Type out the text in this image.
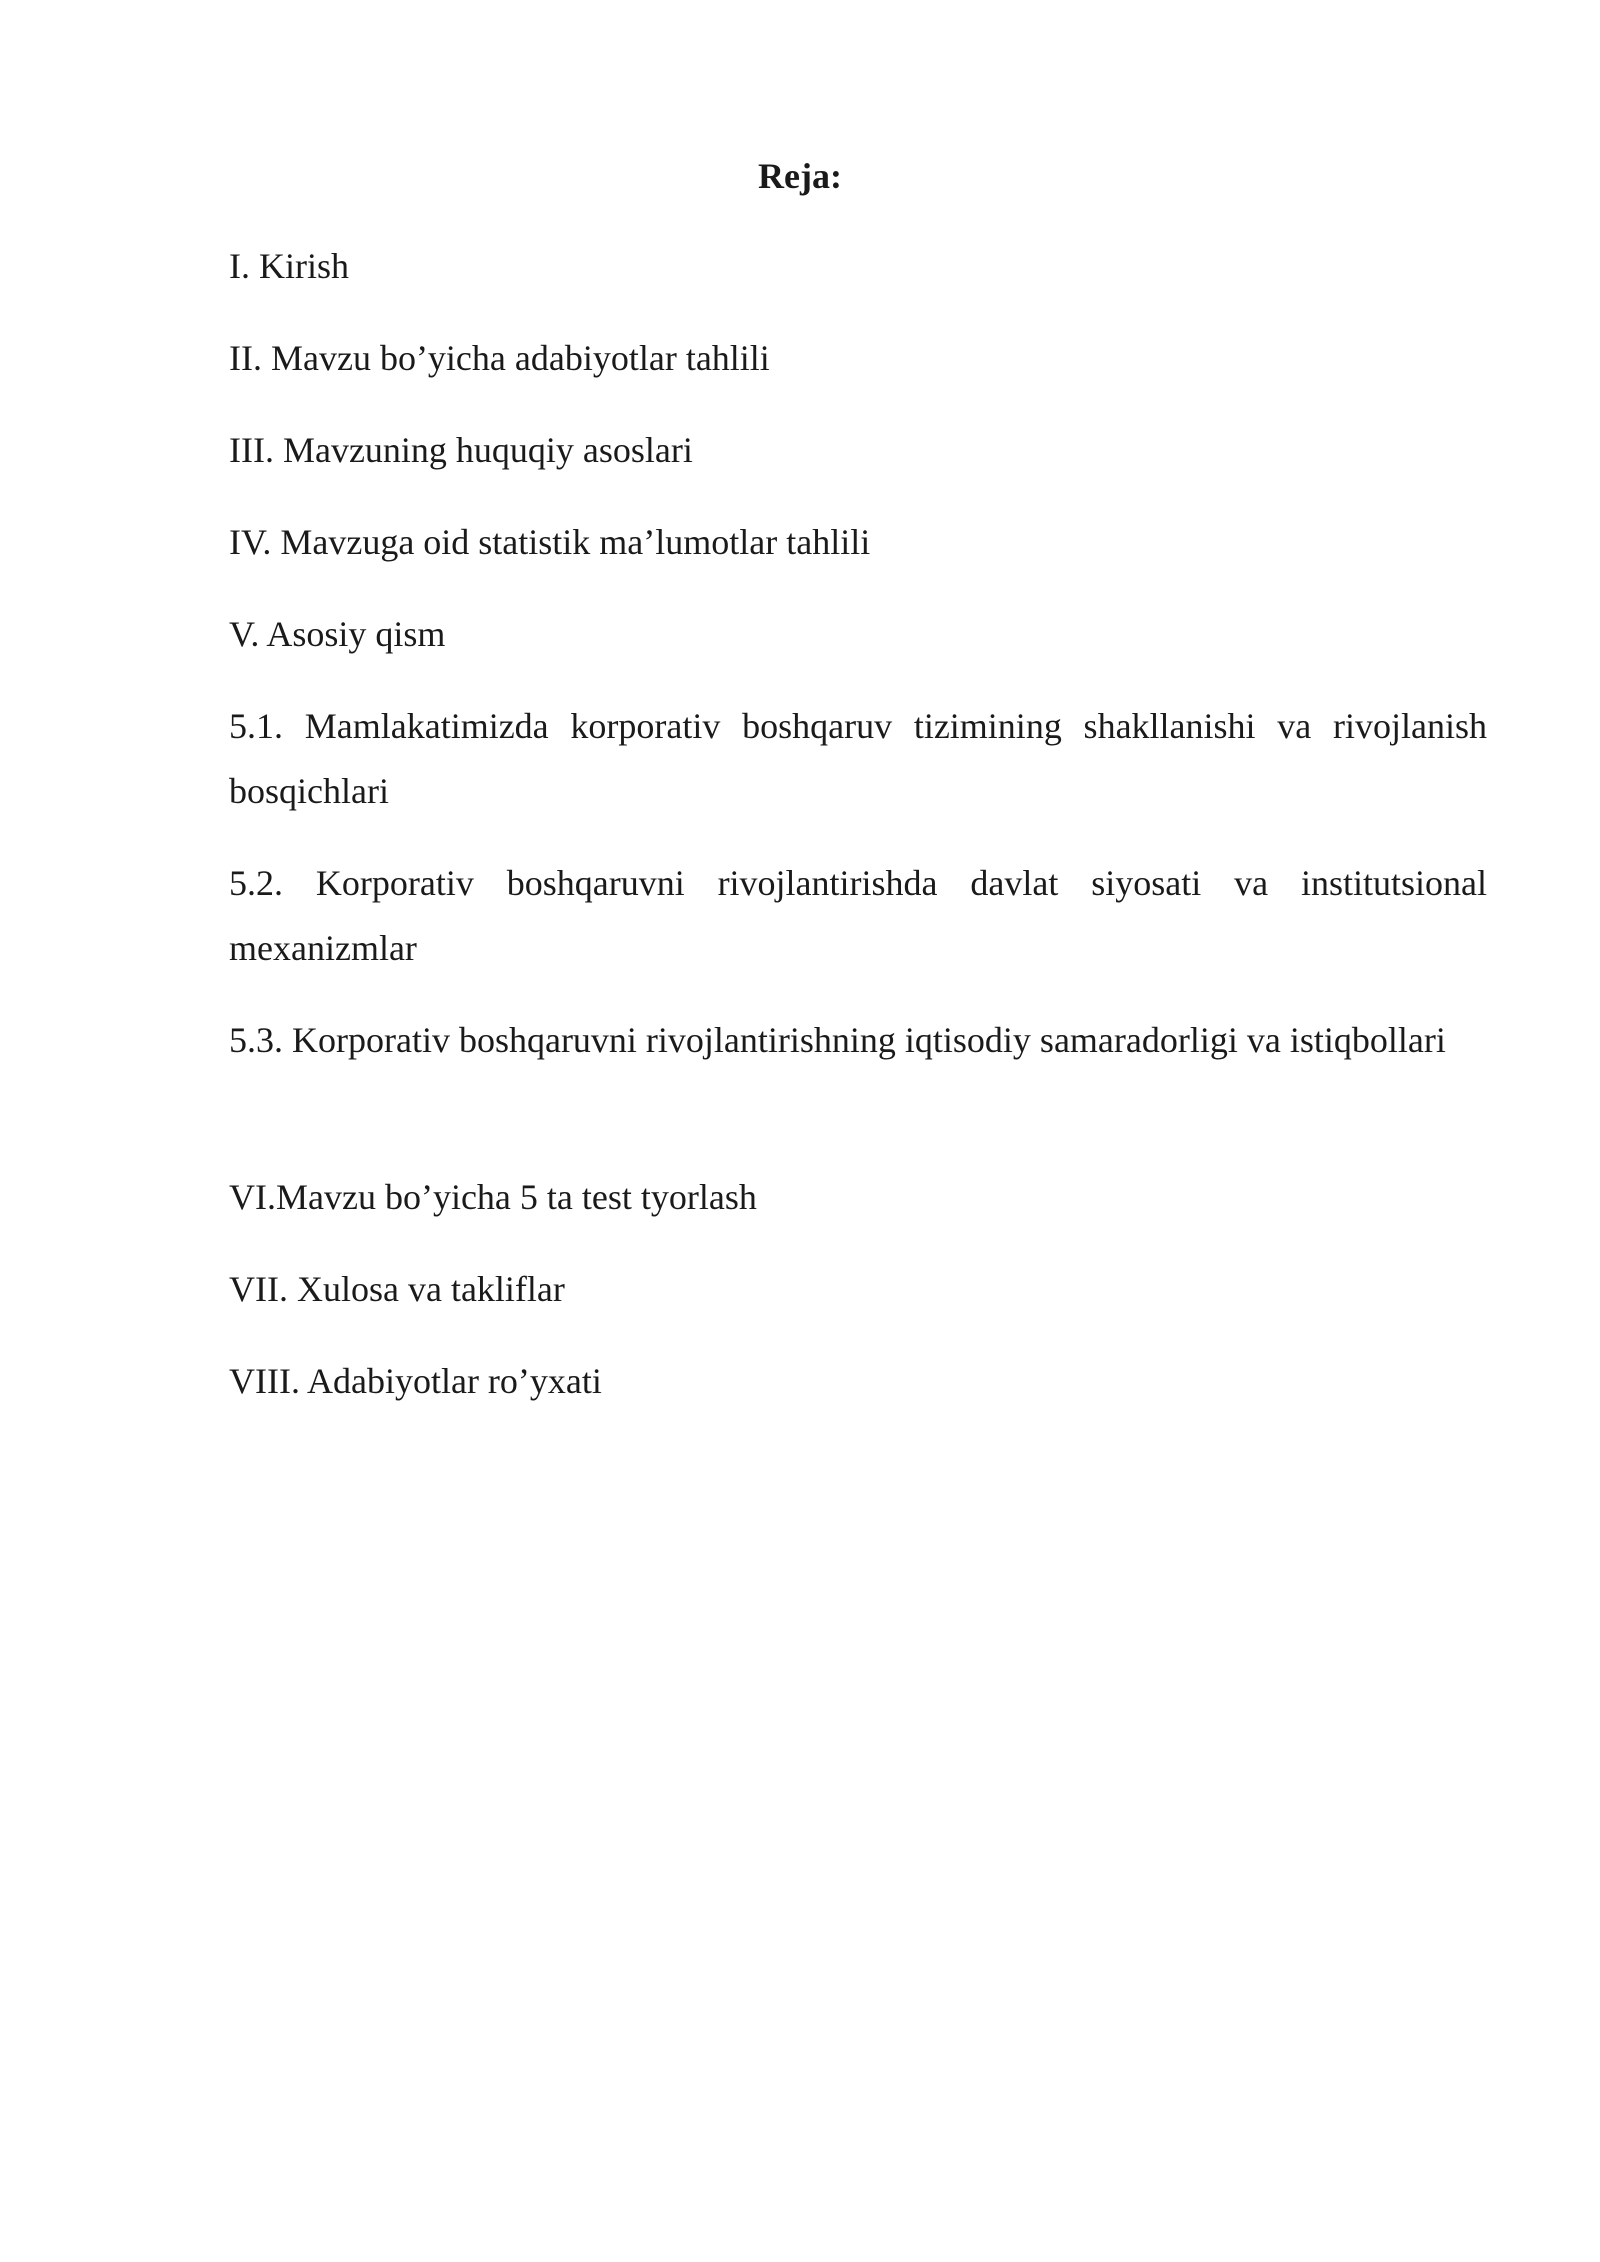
Reja:
I. Kirish
II. Mavzu bo’yicha adabiyotlar tahlili
III. Mavzuning huquqiy asoslari
IV. Mavzuga oid statistik ma’lumotlar tahlili
V. Asosiy qism
5.1. Mamlakatimizda korporativ boshqaruv tizimining shakllanishi va rivojlanish bosqichlari
5.2. Korporativ boshqaruvni rivojlantirishda davlat siyosati va institutsional mexanizmlar
5.3. Korporativ boshqaruvni rivojlantirishning iqtisodiy samaradorligi va istiqbollari
VI.Mavzu bo’yicha 5 ta test tyorlash
VII. Xulosa va takliflar
VIII. Adabiyotlar ro’yxati
